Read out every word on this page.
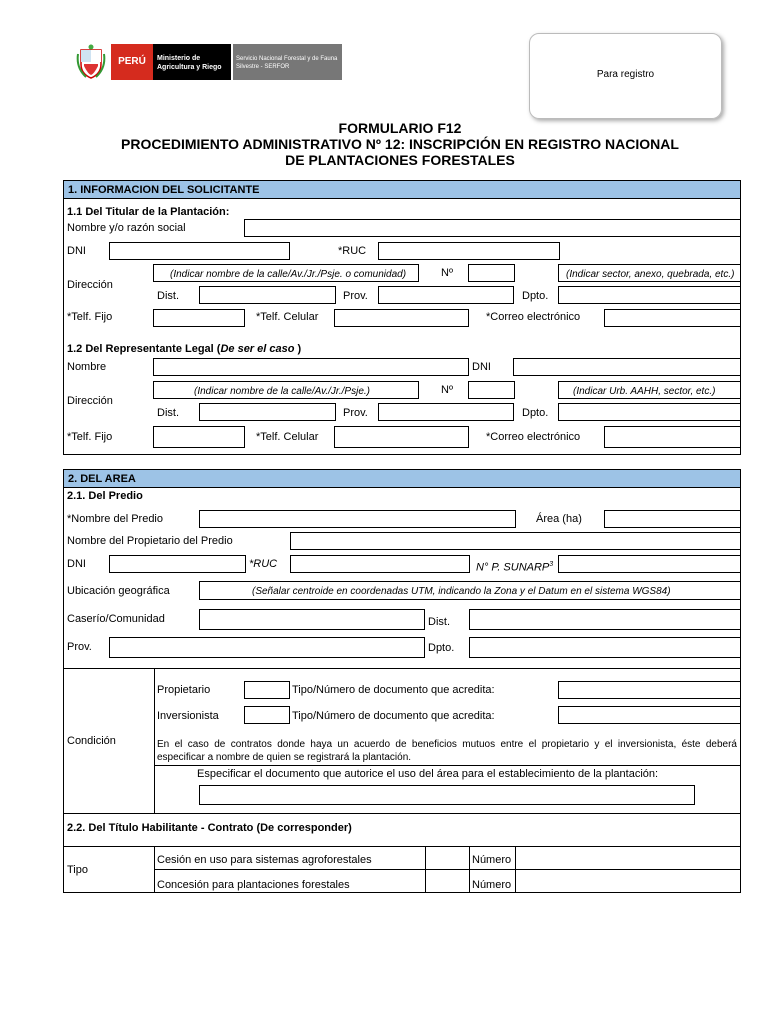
PERÚ	Ministerio de Agricultura y Riego
Servicio Nacional Forestal y de Fauna Silvestre - SERFOR
Para registro
FORMULARIO F12
PROCEDIMIENTO ADMINISTRATIVO Nº 12: INSCRIPCIÓN EN REGISTRO NACIONAL
DE PLANTACIONES FORESTALES
1. INFORMACION DEL SOLICITANTE
1.1 Del Titular de la Plantación:
Nombre y/o razón social
DNI	*RUC
Dirección
(Indicar nombre de la calle/Av./Jr./Psje. o comunidad)	Nº	(Indicar sector, anexo, quebrada, etc.)
Dist.	Prov.	Dpto.
*Telf. Fijo	*Telf. Celular	*Correo electrónico
1.2 Del Representante Legal (De ser el caso )
Nombre	DNI
Dirección
(Indicar nombre de la calle/Av./Jr./Psje.)	Nº	(Indicar Urb. AAHH, sector, etc.)
Dist.	Prov.	Dpto.
*Telf. Fijo	*Telf. Celular	*Correo electrónico
2. DEL AREA
2.1. Del Predio
*Nombre del Predio	Área (ha)
Nombre del Propietario del Predio
DNI	*RUC	N° P. SUNARP$^3$
Ubicación geográfica	(Señalar centroide en coordenadas UTM, indicando la Zona y el Datum en el sistema WGS84)
Caserío/Comunidad	Dist.
Prov.	Dpto.
Condición
Propietario	Tipo/Número de documento que acredita:
Inversionista	Tipo/Número de documento que acredita:
En el caso de contratos donde haya un acuerdo de beneficios mutuos entre el propietario y el inversionista, éste deberá especificar a nombre de quien se registrará la plantación.
Especificar el documento que autorice el uso del área para el establecimiento de la plantación:
2.2. Del Título Habilitante - Contrato (De corresponder)
Tipo
Cesión en uso para sistemas agroforestales	Número
Concesión para plantaciones forestales	Número
